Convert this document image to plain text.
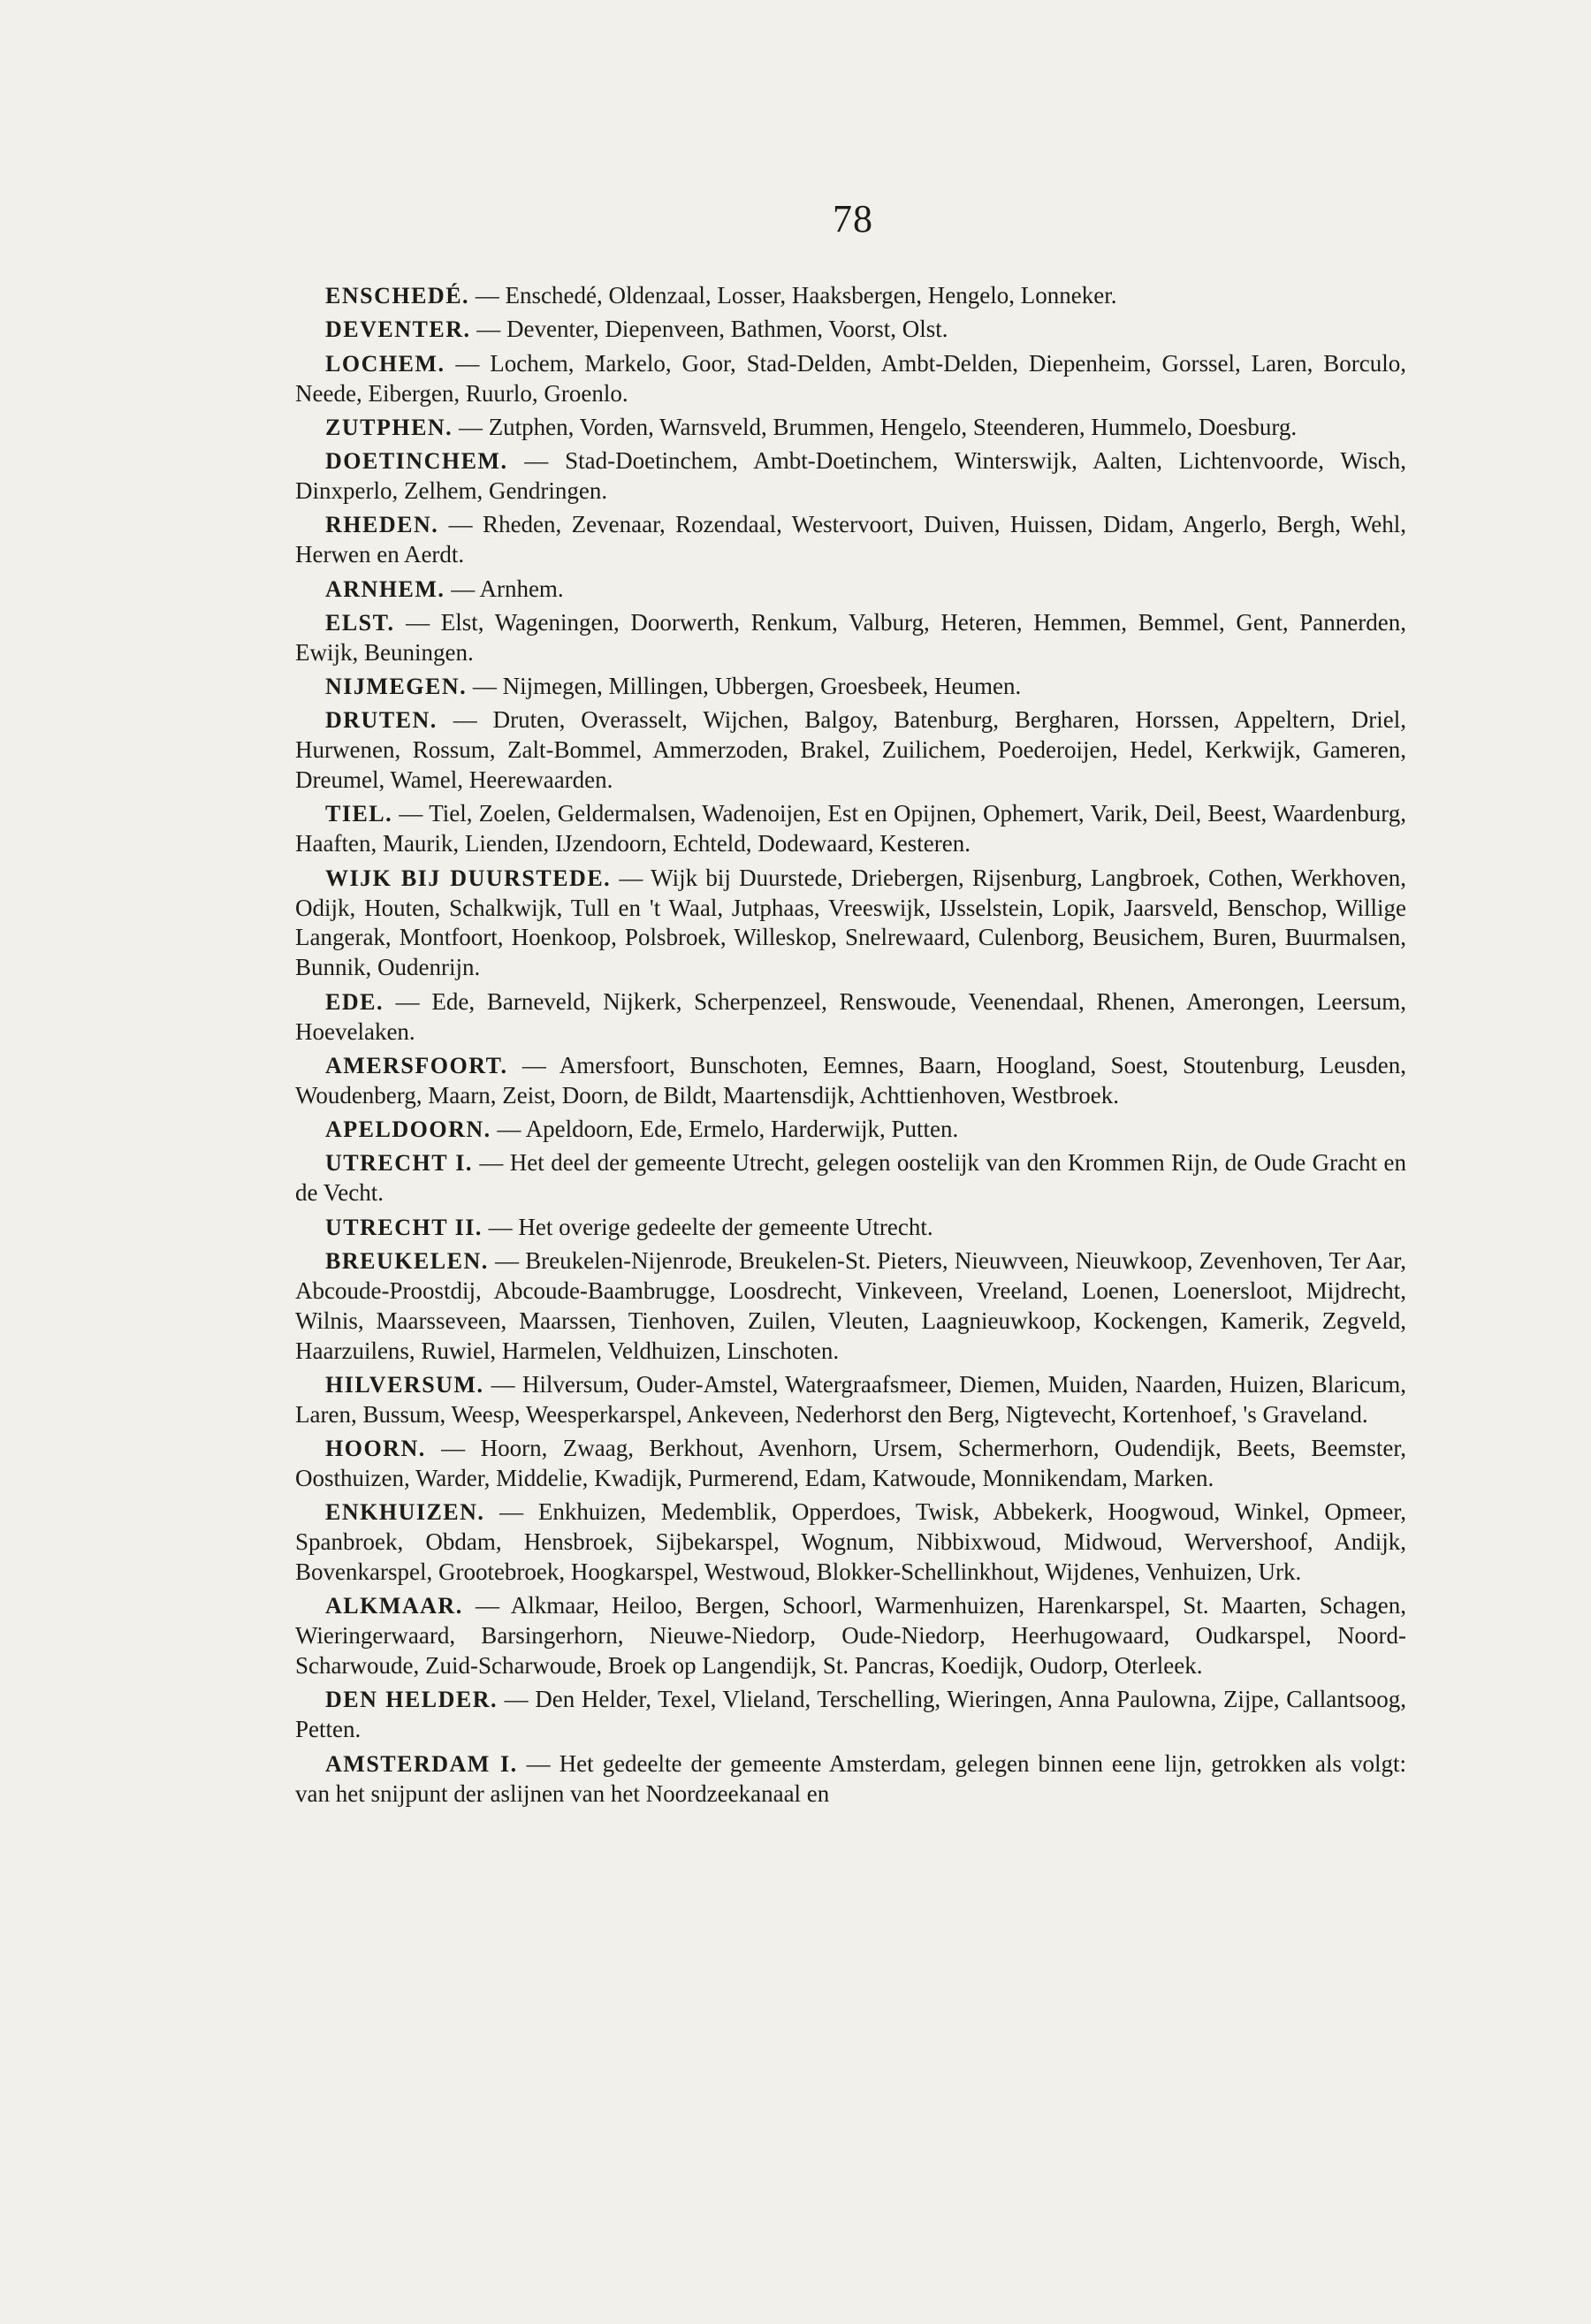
78

ENSCHEDÉ. — Enschedé, Oldenzaal, Losser, Haaksbergen, Hengelo, Lonneker.

DEVENTER. — Deventer, Diepenveen, Bathmen, Voorst, Olst.

LOCHEM. — Lochem, Markelo, Goor, Stad-Delden, Ambt-Delden, Diepenheim, Gorssel, Laren, Borculo, Neede, Eibergen, Ruurlo, Groenlo.

ZUTPHEN. — Zutphen, Vorden, Warnsveld, Brummen, Hengelo, Steenderen, Hummelo, Doesburg.

DOETINCHEM. — Stad-Doetinchem, Ambt-Doetinchem, Winterswijk, Aalten, Lichtenvoorde, Wisch, Dinxperlo, Zelhem, Gendringen.

RHEDEN. — Rheden, Zevenaar, Rozendaal, Westervoort, Duiven, Huissen, Didam, Angerlo, Bergh, Wehl, Herwen en Aerdt.

ARNHEM. — Arnhem.

ELST. — Elst, Wageningen, Doorwerth, Renkum, Valburg, Heteren, Hemmen, Bemmel, Gent, Pannerden, Ewijk, Beuningen.

NIJMEGEN. — Nijmegen, Millingen, Ubbergen, Groesbeek, Heumen.

DRUTEN. — Druten, Overasselt, Wijchen, Balgoy, Batenburg, Bergharen, Horssen, Appeltern, Driel, Hurwenen, Rossum, Zalt-Bommel, Ammerzoden, Brakel, Zuilichem, Poederoijen, Hedel, Kerkwijk, Gameren, Dreumel, Wamel, Heerewaarden.

TIEL. — Tiel, Zoelen, Geldermalsen, Wadenoijen, Est en Opijnen, Ophemert, Varik, Deil, Beest, Waardenburg, Haaften, Maurik, Lienden, IJzendoorn, Echteld, Dodewaard, Kesteren.

WIJK BIJ DUURSTEDE. — Wijk bij Duurstede, Driebergen, Rijsenburg, Langbroek, Cothen, Werkhoven, Odijk, Houten, Schalkwijk, Tull en 't Waal, Jutphaas, Vreeswijk, IJsselstein, Lopik, Jaarsveld, Benschop, Willige Langerak, Montfoort, Hoenkoop, Polsbroek, Willeskop, Snelrewaard, Culenborg, Beusichem, Buren, Buurmalsen, Bunnik, Oudenrijn.

EDE. — Ede, Barneveld, Nijkerk, Scherpenzeel, Renswoude, Veenendaal, Rhenen, Amerongen, Leersum, Hoevelaken.

AMERSFOORT. — Amersfoort, Bunschoten, Eemnes, Baarn, Hoogland, Soest, Stoutenburg, Leusden, Woudenberg, Maarn, Zeist, Doorn, de Bildt, Maartensdijk, Achttienhoven, Westbroek.

APELDOORN. — Apeldoorn, Ede, Ermelo, Harderwijk, Putten.

UTRECHT I. — Het deel der gemeente Utrecht, gelegen oostelijk van den Krommen Rijn, de Oude Gracht en de Vecht.

UTRECHT II. — Het overige gedeelte der gemeente Utrecht.

BREUKELEN. — Breukelen-Nijenrode, Breukelen-St. Pieters, Nieuwveen, Nieuwkoop, Zevenhoven, Ter Aar, Abcoude-Proostdij, Abcoude-Baambrugge, Loosdrecht, Vinkeveen, Vreeland, Loenen, Loenersloot, Mijdrecht, Wilnis, Maarsseveen, Maarssen, Tienhoven, Zuilen, Vleuten, Laagnieuwkoop, Kockengen, Kamerik, Zegveld, Haarzuilens, Ruwiel, Harmelen, Veldhuizen, Linschoten.

HILVERSUM. — Hilversum, Ouder-Amstel, Watergraafsmeer, Diemen, Muiden, Naarden, Huizen, Blaricum, Laren, Bussum, Weesp, Weesperkarspel, Ankeveen, Nederhorst den Berg, Nigtevecht, Kortenhoef, 's Graveland.

HOORN. — Hoorn, Zwaag, Berkhout, Avenhorn, Ursem, Schermerhorn, Oudendijk, Beets, Beemster, Oosthuizen, Warder, Middelie, Kwadijk, Purmerend, Edam, Katwoude, Monnikendam, Marken.

ENKHUIZEN. — Enkhuizen, Medemblik, Opperdoes, Twisk, Abbekerk, Hoogwoud, Winkel, Opmeer, Spanbroek, Obdam, Hensbroek, Sijbekarspel, Wognum, Nibbixwoud, Midwoud, Wervershoof, Andijk, Bovenkarspel, Grootebroek, Hoogkarspel, Westwoud, Blokker-Schellinkhout, Wijdenes, Venhuizen, Urk.

ALKMAAR. — Alkmaar, Heiloo, Bergen, Schoorl, Warmenhuizen, Harenkarspel, St. Maarten, Schagen, Wieringerwaard, Barsingerhorn, Nieuwe-Niedorp, Oude-Niedorp, Heerhugowaard, Oudkarspel, Noord-Scharwoude, Zuid-Scharwoude, Broek op Langendijk, St. Pancras, Koedijk, Oudorp, Oterleek.

DEN HELDER. — Den Helder, Texel, Vlieland, Terschelling, Wieringen, Anna Paulowna, Zijpe, Callantsoog, Petten.

AMSTERDAM I. — Het gedeelte der gemeente Amsterdam, gelegen binnen eene lijn, getrokken als volgt: van het snijpunt der aslijnen van het Noordzeekanaal en
